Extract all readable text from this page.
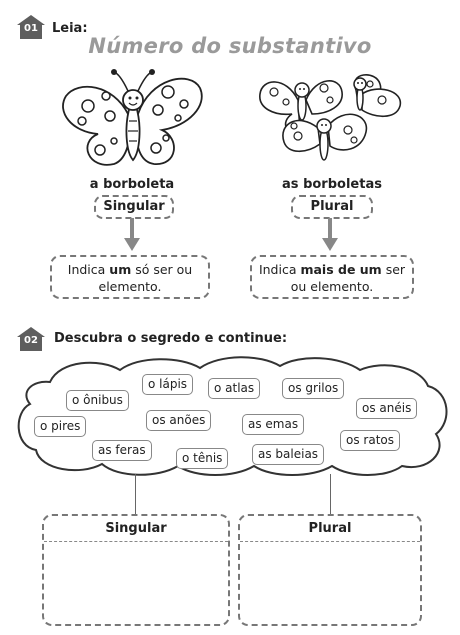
01	Leia:
Número do substantivo
a borboleta	as borboletas
Singular	Plural
Indica um só ser ou elemento.
Indica mais de um ser ou elemento.
02	Descubra o segredo e continue:
o lápis
o ônibus
o atlas	os grilos
os anéis
o pires	os anões	as emas
os ratos
as feras
o tênis	as baleias
Singular	Plural
